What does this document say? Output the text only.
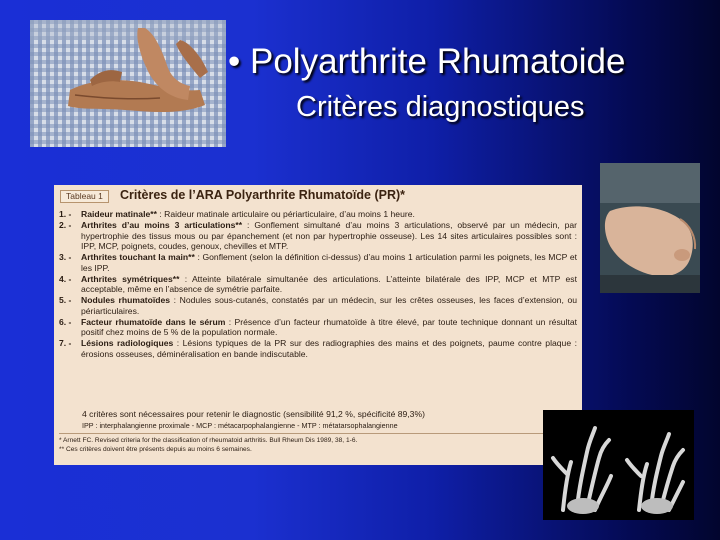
• Polyarthrite Rhumatoide
Critères diagnostiques
Tableau 1	Critères de l’ARA Polyarthrite Rhumatoïde (PR)*
1. - Raideur matinale** : Raideur matinale articulaire ou périarticulaire, d’au moins 1 heure.
2. - Arthrites d’au moins 3 articulations** : Gonflement simultané d’au moins 3 articulations, observé par un médecin, par hypertrophie des tissus mous ou par épanchement (et non par hypertrophie osseuse). Les 14 sites articulaires possibles sont : IPP, MCP, poignets, coudes, genoux, chevilles et MTP.
3. - Arthrites touchant la main** : Gonflement (selon la définition ci-dessus) d’au moins 1 articulation parmi les poignets, les MCP et les IPP.
4. - Arthrites symétriques** : Atteinte bilatérale simultanée des articulations. L’atteinte bilatérale des IPP, MCP et MTP est acceptable, même en l’absence de symétrie parfaite.
5. - Nodules rhumatoïdes : Nodules sous-cutanés, constatés par un médecin, sur les crêtes osseuses, les faces d’extension, ou périarticulaires.
6. - Facteur rhumatoïde dans le sérum : Présence d’un facteur rhumatoïde à titre élevé, par toute technique donnant un résultat positif chez moins de 5 % de la population normale.
7. - Lésions radiologiques : Lésions typiques de la PR sur des radiographies des mains et des poignets, paume contre plaque : érosions osseuses, déminéralisation en bande indiscutable.
4 critères sont nécessaires pour retenir le diagnostic (sensibilité 91,2 %, spécificité 89,3%)
IPP : interphalangienne proximale - MCP : métacarpophalangienne - MTP : métatarsophalangienne
* Arnett FC. Revised criteria for the classification of rheumatoid arthritis. Bull Rheum Dis 1989, 38, 1-6.
** Ces critères doivent être présents depuis au moins 6 semaines.
